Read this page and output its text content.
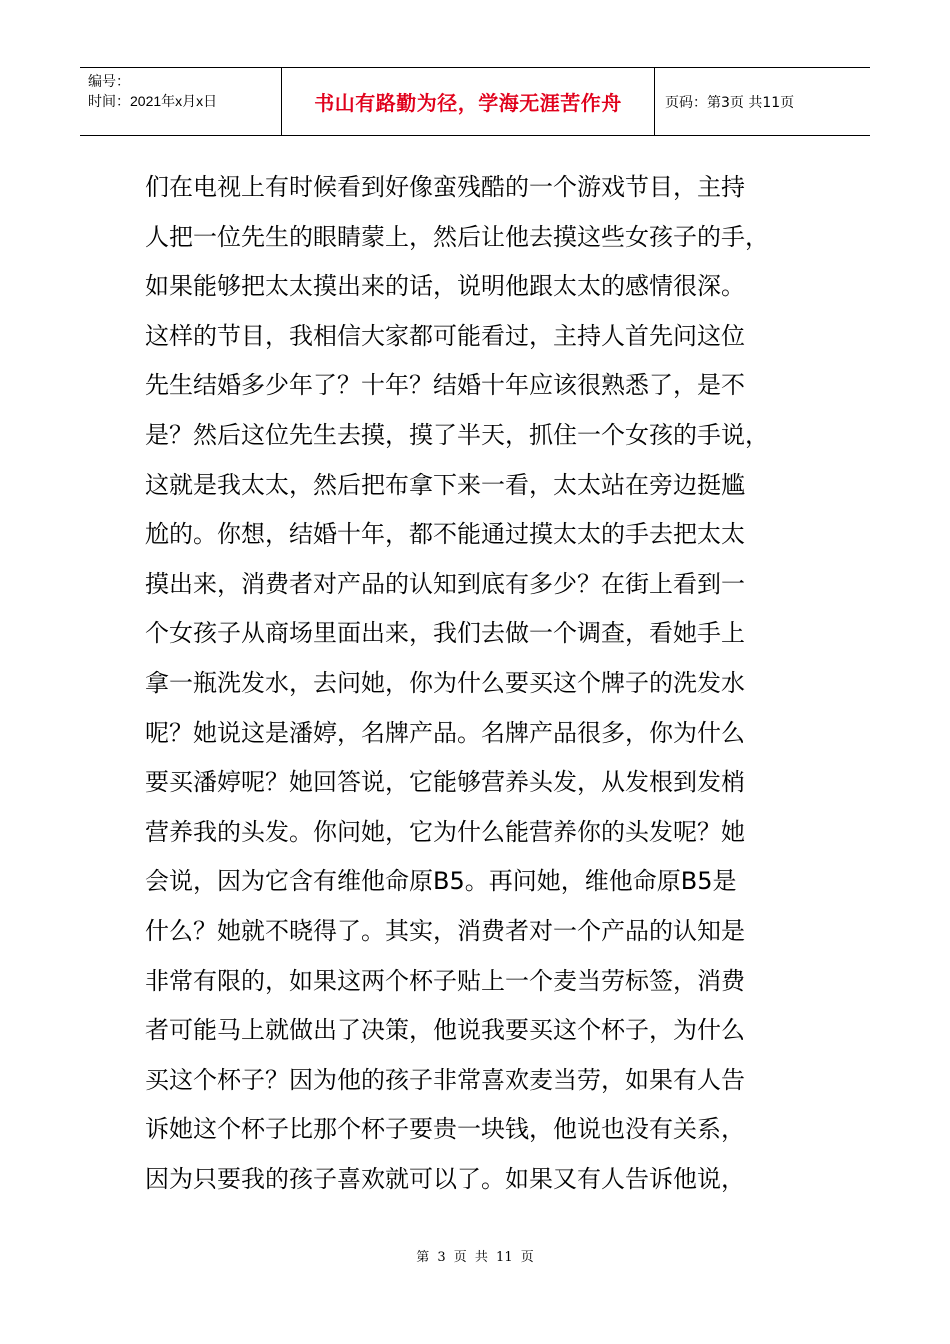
编号：
时间：2021年x月x日	书山有路勤为径，学海无涯苦作舟	页码：第3页 共11页
们在电视上有时候看到好像蛮残酷的一个游戏节目，主持
人把一位先生的眼睛蒙上，然后让他去摸这些女孩子的手，
如果能够把太太摸出来的话，说明他跟太太的感情很深。
这样的节目，我相信大家都可能看过，主持人首先问这位
先生结婚多少年了？十年？结婚十年应该很熟悉了，是不
是？然后这位先生去摸，摸了半天，抓住一个女孩的手说，
这就是我太太，然后把布拿下来一看，太太站在旁边挺尴
尬的。你想，结婚十年，都不能通过摸太太的手去把太太
摸出来，消费者对产品的认知到底有多少？在街上看到一
个女孩子从商场里面出来，我们去做一个调查，看她手上
拿一瓶洗发水，去问她，你为什么要买这个牌子的洗发水
呢？她说这是潘婷，名牌产品。名牌产品很多，你为什么
要买潘婷呢？她回答说，它能够营养头发，从发根到发梢
营养我的头发。你问她，它为什么能营养你的头发呢？她
会说，因为它含有维他命原B5。再问她，维他命原B5是
什么？她就不晓得了。其实，消费者对一个产品的认知是
非常有限的，如果这两个杯子贴上一个麦当劳标签，消费
者可能马上就做出了决策，他说我要买这个杯子，为什么
买这个杯子？因为他的孩子非常喜欢麦当劳，如果有人告
诉她这个杯子比那个杯子要贵一块钱，他说也没有关系，
因为只要我的孩子喜欢就可以了。如果又有人告诉他说，
第 3 页 共 11 页
